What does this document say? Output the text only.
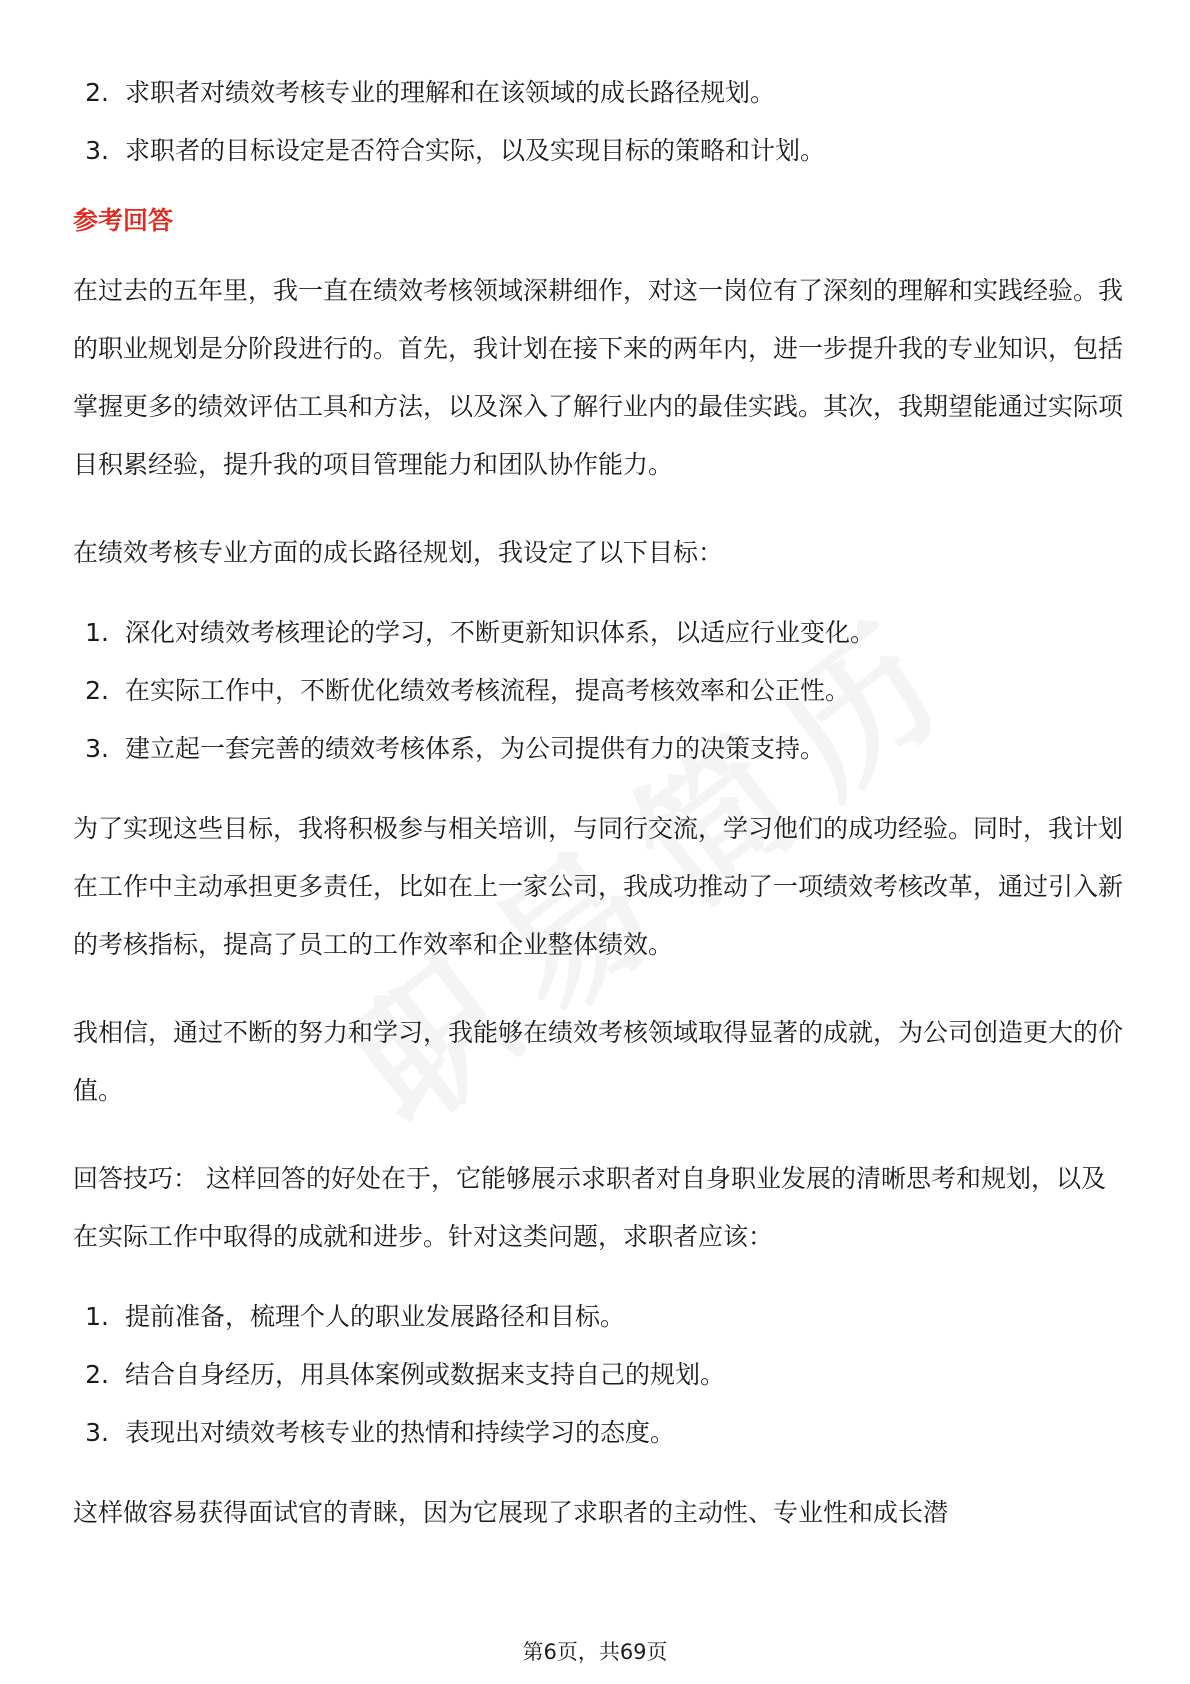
2. 求职者对绩效考核专业的理解和在该领域的成长路径规划。
3. 求职者的目标设定是否符合实际，以及实现目标的策略和计划。
参考回答

在过去的五年里，我一直在绩效考核领域深耕细作，对这一岗位有了深刻的理解和实践经验。我的职业规划是分阶段进行的。首先，我计划在接下来的两年内，进一步提升我的专业知识，包括掌握更多的绩效评估工具和方法，以及深入了解行业内的最佳实践。其次，我期望能通过实际项目积累经验，提升我的项目管理能力和团队协作能力。

在绩效考核专业方面的成长路径规划，我设定了以下目标：

1. 深化对绩效考核理论的学习，不断更新知识体系，以适应行业变化。
2. 在实际工作中，不断优化绩效考核流程，提高考核效率和公正性。
3. 建立起一套完善的绩效考核体系，为公司提供有力的决策支持。

为了实现这些目标，我将积极参与相关培训，与同行交流，学习他们的成功经验。同时，我计划在工作中主动承担更多责任，比如在上一家公司，我成功推动了一项绩效考核改革，通过引入新的考核指标，提高了员工的工作效率和企业整体绩效。

我相信，通过不断的努力和学习，我能够在绩效考核领域取得显著的成就，为公司创造更大的价值。

回答技巧： 这样回答的好处在于，它能够展示求职者对自身职业发展的清晰思考和规划，以及在实际工作中取得的成就和进步。针对这类问题，求职者应该：

1. 提前准备，梳理个人的职业发展路径和目标。
2. 结合自身经历，用具体案例或数据来支持自己的规划。
3. 表现出对绩效考核专业的热情和持续学习的态度。

这样做容易获得面试官的青睐，因为它展现了求职者的主动性、专业性和成长潜

第6页，共69页
